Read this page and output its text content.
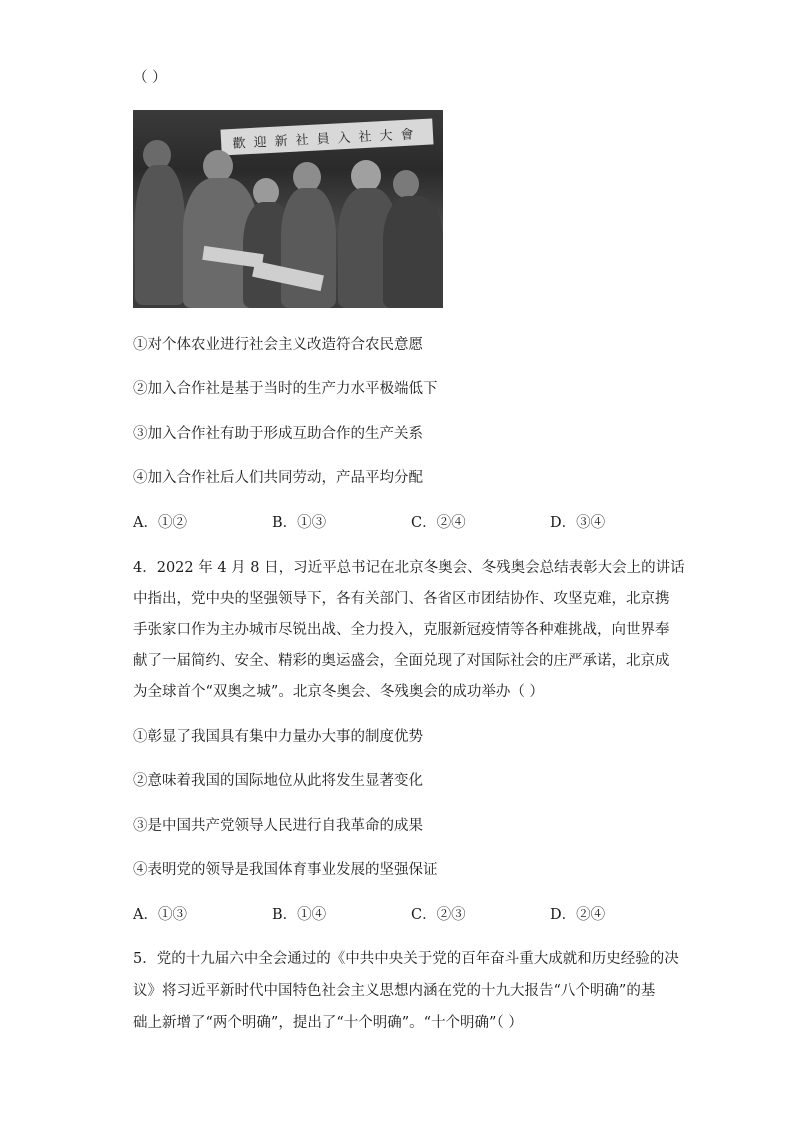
（ ）
歡迎新社員入社大會
①对个体农业进行社会主义改造符合农民意愿
②加入合作社是基于当时的生产力水平极端低下
③加入合作社有助于形成互助合作的生产关系
④加入合作社后人们共同劳动，产品平均分配
A．①②	B．①③	C．②④	D．③④
4．2022 年 4 月 8 日，习近平总书记在北京冬奥会、冬残奥会总结表彰大会上的讲话
中指出，党中央的坚强领导下，各有关部门、各省区市团结协作、攻坚克难，北京携
手张家口作为主办城市尽锐出战、全力投入，克服新冠疫情等各种难挑战，向世界奉
献了一届简约、安全、精彩的奥运盛会，全面兑现了对国际社会的庄严承诺，北京成
为全球首个“双奥之城”。北京冬奥会、冬残奥会的成功举办（ ）
①彰显了我国具有集中力量办大事的制度优势
②意味着我国的国际地位从此将发生显著变化
③是中国共产党领导人民进行自我革命的成果
④表明党的领导是我国体育事业发展的坚强保证
A．①③	B．①④	C．②③	D．②④
5．党的十九届六中全会通过的《中共中央关于党的百年奋斗重大成就和历史经验的决
议》将习近平新时代中国特色社会主义思想内涵在党的十九大报告“八个明确”的基
础上新增了“两个明确”，提出了“十个明确”。“十个明确”（ ）
